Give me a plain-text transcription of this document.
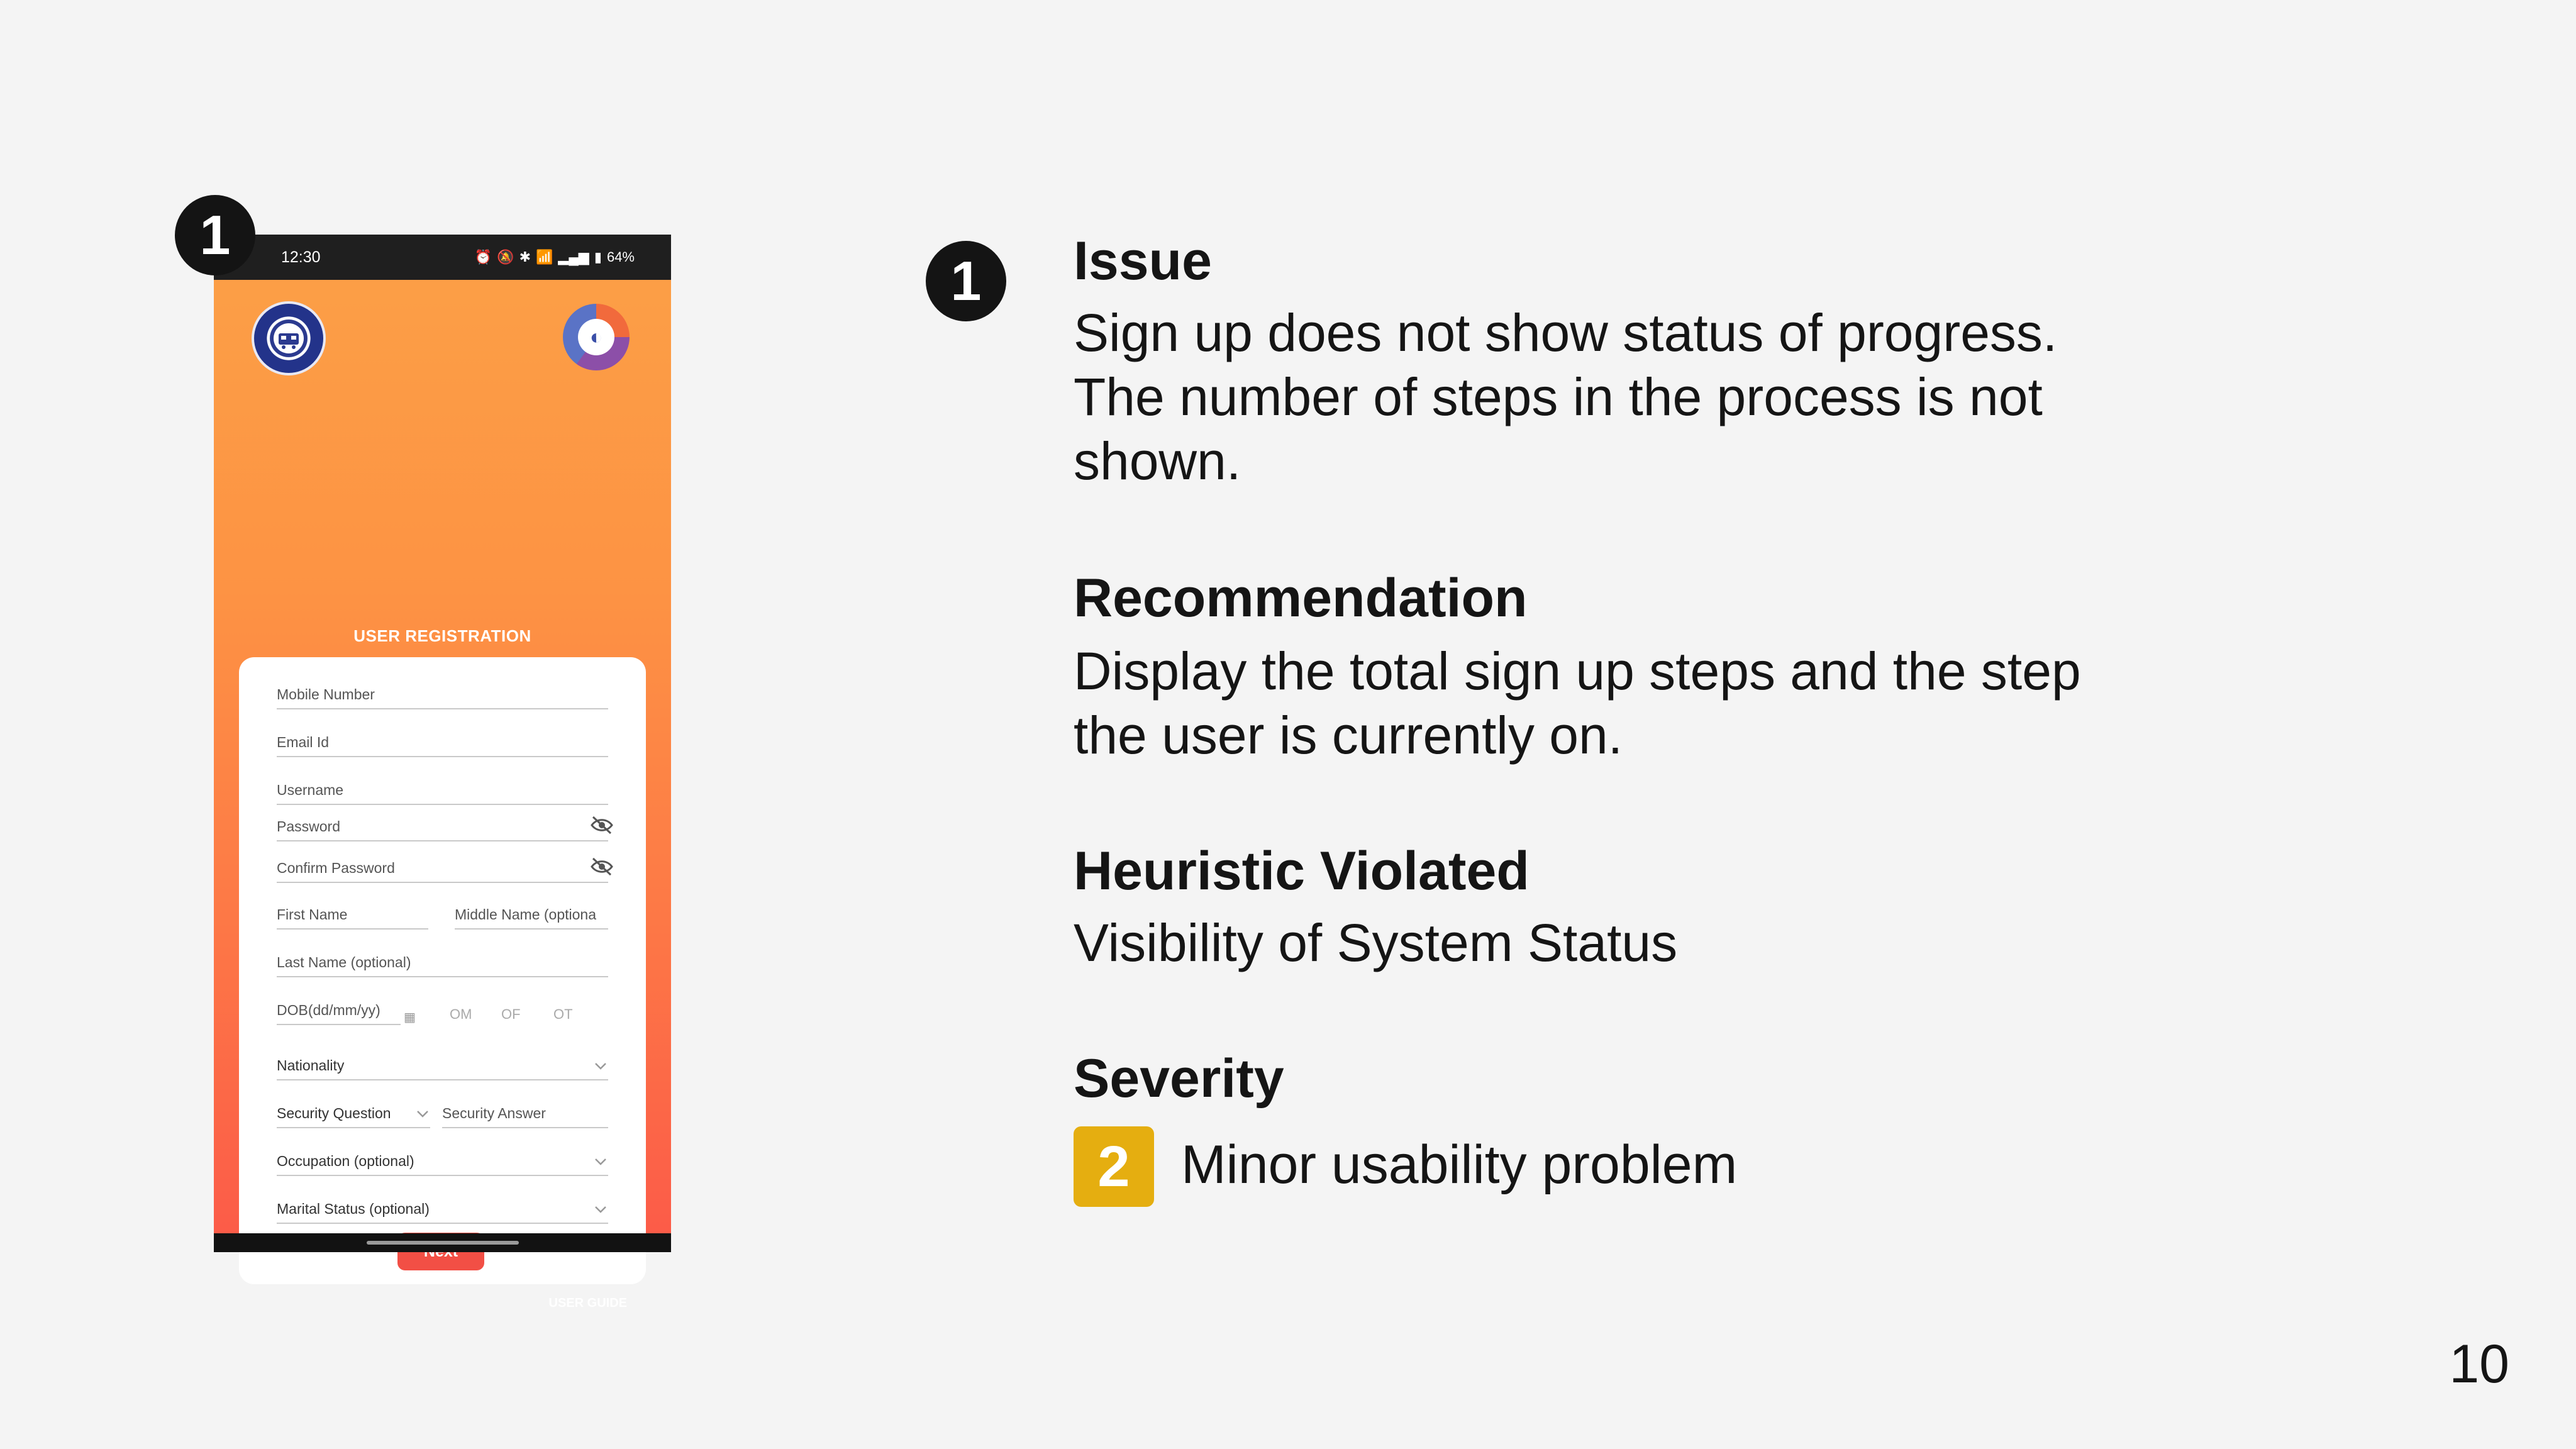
1
1
12:30	⏰ 🔕 ✱ 📶 ▂▄▆ ▮ 64%
◐
USER REGISTRATION
Mobile Number
Email Id
Username
Password
Confirm Password
First Name	Middle Name (optiona
Last Name (optional)
DOB(dd/mm/yy)	▦ OM OF OT
Nationality
Security Question	Security Answer
Occupation (optional)
Marital Status (optional)
USER GUIDE
Issue
Sign up does not show status of progress. The number of steps in the process is not shown.
Recommendation
Display the total sign up steps and the step the user is currently on.
Heuristic Violated
Visibility of System Status
Severity
2 Minor usability problem
10
